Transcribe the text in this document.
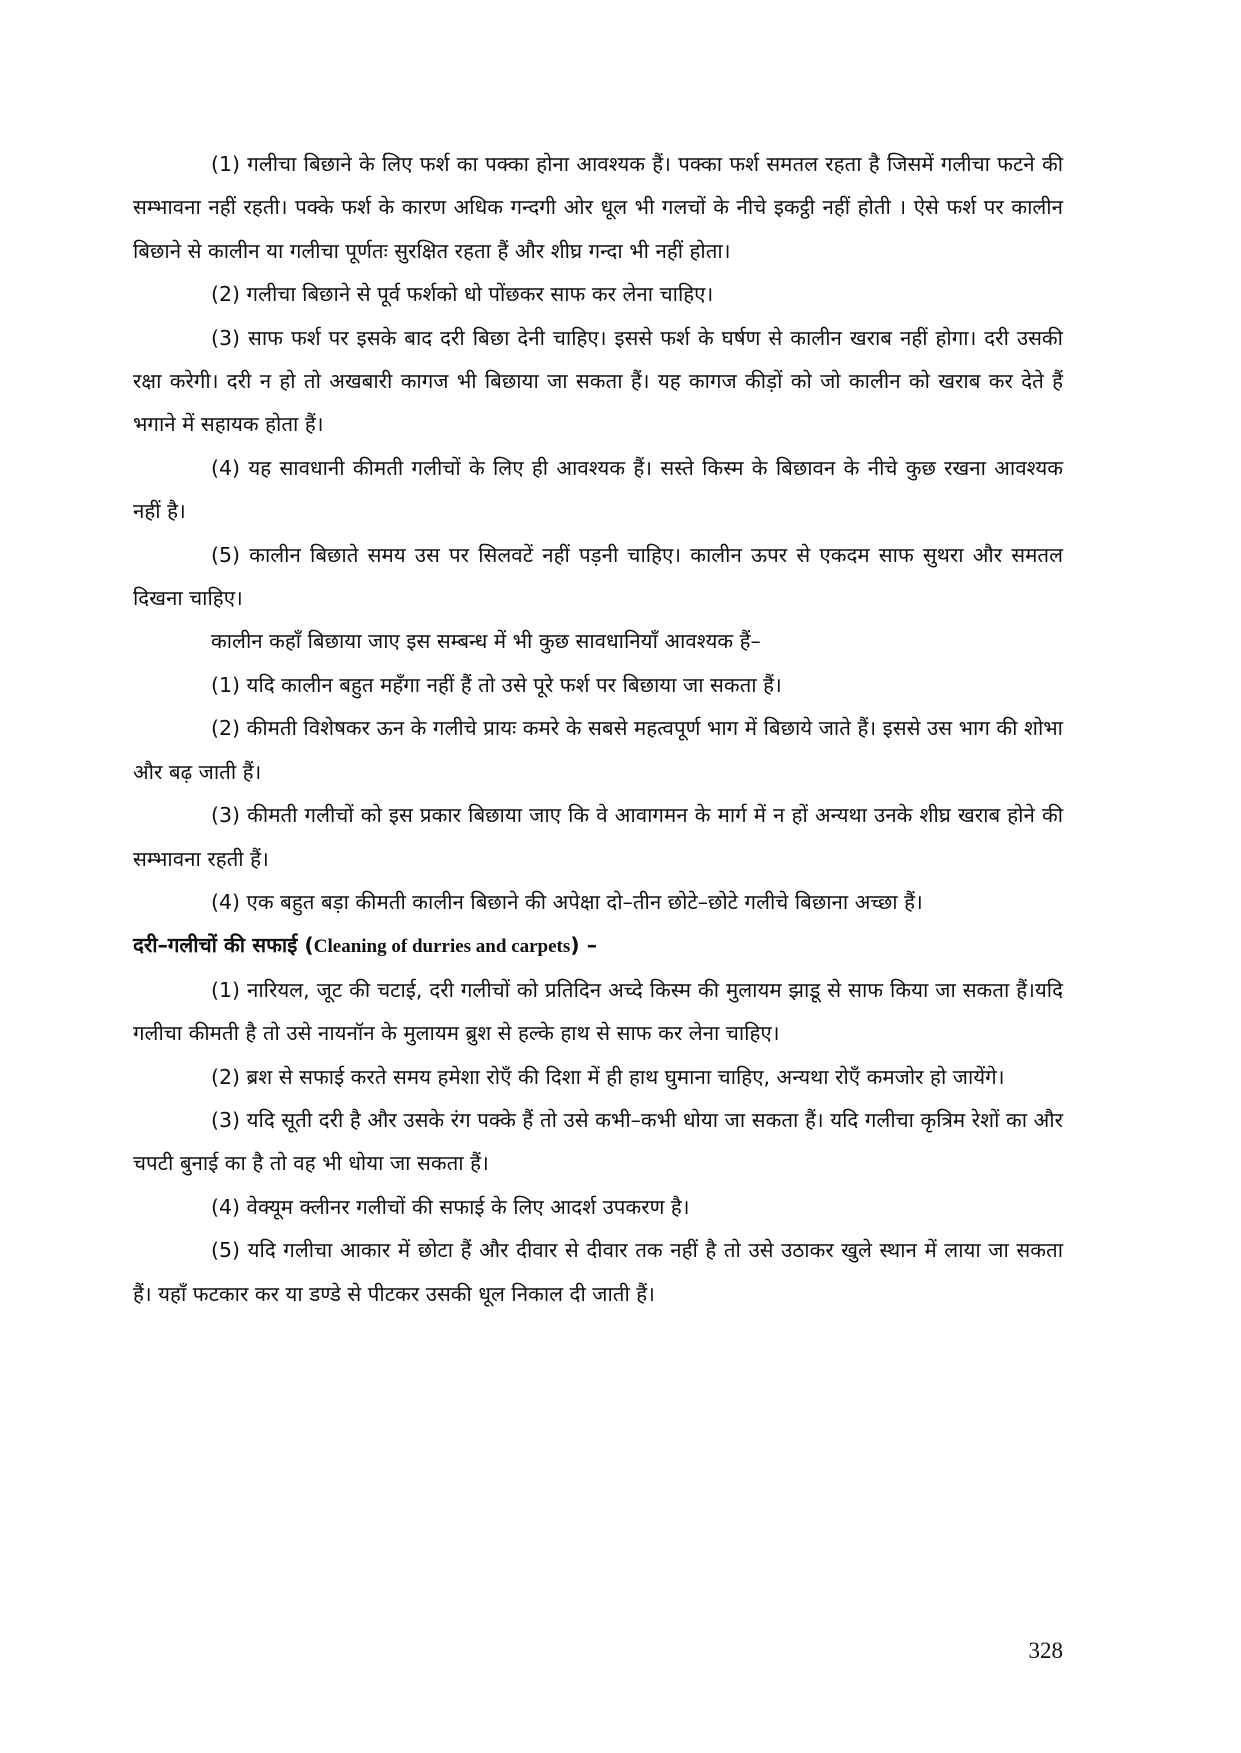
(1) गलीचा बिछाने के लिए फर्श का पक्का होना आवश्यक हैं। पक्का फर्श समतल रहता है जिसमें गलीचा फटने की सम्भावना नहीं रहती। पक्के फर्श के कारण अधिक गन्दगी ओर धूल भी गलचों के नीचे इकट्ठी नहीं होती । ऐसे फर्श पर कालीन बिछाने से कालीन या गलीचा पूर्णतः सुरक्षित रहता हैं और शीघ्र गन्दा भी नहीं होता।

(2) गलीचा बिछाने से पूर्व फर्शको धो पोंछकर साफ कर लेना चाहिए।

(3) साफ फर्श पर इसके बाद दरी बिछा देनी चाहिए। इससे फर्श के घर्षण से कालीन खराब नहीं होगा। दरी उसकी रक्षा करेगी। दरी न हो तो अखबारी कागज भी बिछाया जा सकता हैं। यह कागज कीड़ों को जो कालीन को खराब कर देते हैं भगाने में सहायक होता हैं।

(4) यह सावधानी कीमती गलीचों के लिए ही आवश्यक हैं। सस्ते किस्म के बिछावन के नीचे कुछ रखना आवश्यक नहीं है।

(5) कालीन बिछाते समय उस पर सिलवटें नहीं पड़नी चाहिए। कालीन ऊपर से एकदम साफ सुथरा और समतल दिखना चाहिए।

कालीन कहाँ बिछाया जाए इस सम्बन्ध में भी कुछ सावधानियाँ आवश्यक हैं–

(1) यदि कालीन बहुत महँगा नहीं हैं तो उसे पूरे फर्श पर बिछाया जा सकता हैं।

(2) कीमती विशेषकर ऊन के गलीचे प्रायः कमरे के सबसे महत्वपूर्ण भाग में बिछाये जाते हैं। इससे उस भाग की शोभा और बढ़ जाती हैं।

(3) कीमती गलीचों को इस प्रकार बिछाया जाए कि वे आवागमन के मार्ग में न हों अन्यथा उनके शीघ्र खराब होने की सम्भावना रहती हैं।

(4) एक बहुत बड़ा कीमती कालीन बिछाने की अपेक्षा दो–तीन छोटे–छोटे गलीचे बिछाना अच्छा हैं।

दरी–गलीचों की सफाई (Cleaning of durries and carpets) –

(1) नारियल, जूट की चटाई, दरी गलीचों को प्रतिदिन अच्दे किस्म की मुलायम झाडू से साफ किया जा सकता हैं।यदि गलीचा कीमती है तो उसे नायनॉन के मुलायम ब्रुश से हल्के हाथ से साफ कर लेना चाहिए।

(2) ब्रश से सफाई करते समय हमेशा रोएँ की दिशा में ही हाथ घुमाना चाहिए, अन्यथा रोएँ कमजोर हो जायेंगे।

(3) यदि सूती दरी है और उसके रंग पक्के हैं तो उसे कभी–कभी धोया जा सकता हैं। यदि गलीचा कृत्रिम रेशों का और चपटी बुनाई का है तो वह भी धोया जा सकता हैं।

(4) वेक्यूम क्लीनर गलीचों की सफाई के लिए आदर्श उपकरण है।

(5) यदि गलीचा आकार में छोटा हैं और दीवार से दीवार तक नहीं है तो उसे उठाकर खुले स्थान में लाया जा सकता हैं। यहाँ फटकार कर या डण्डे से पीटकर उसकी धूल निकाल दी जाती हैं।

328
